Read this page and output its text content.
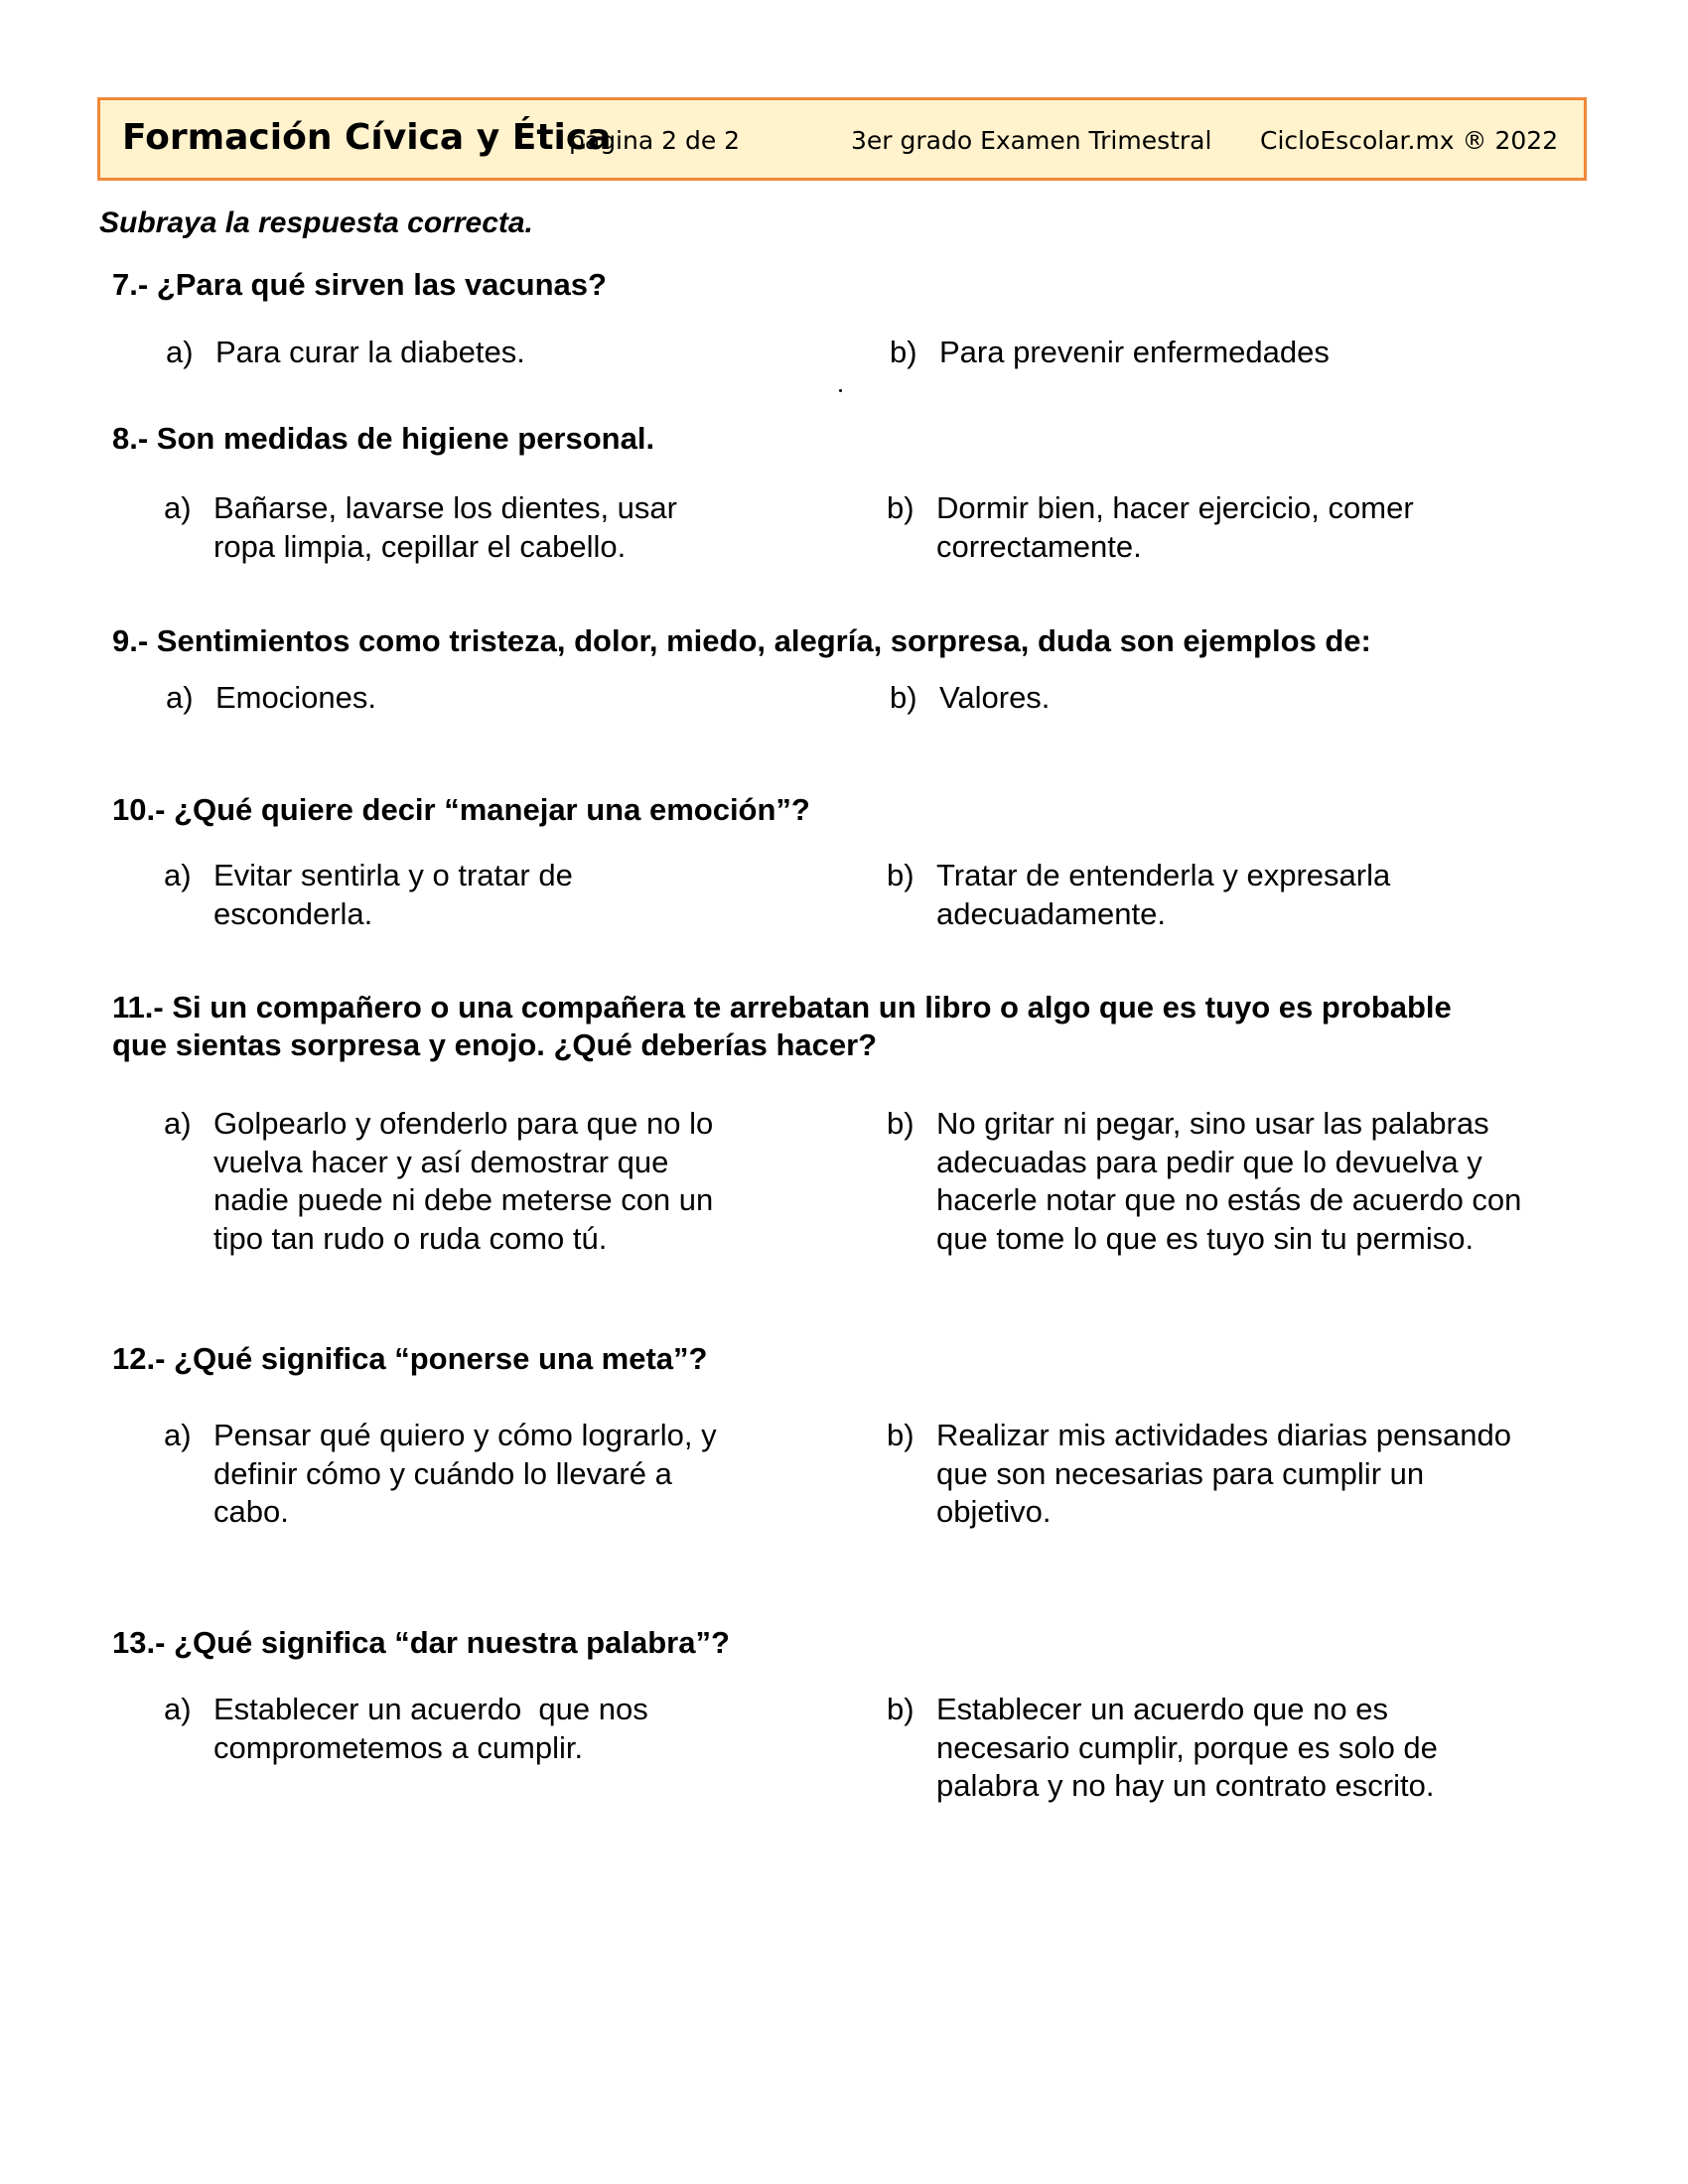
Formación Cívica y Ética
página 2 de 2	3er grado Examen Trimestral CicloEscolar.mx ® 2022
Subraya la respuesta correcta.
7.- ¿Para qué sirven las vacunas?
a) Para curar la diabetes.	b) Para prevenir enfermedades
8.- Son medidas de higiene personal.
a) Bañarse, lavarse los dientes, usar
ropa limpia, cepillar el cabello.
b) Dormir bien, hacer ejercicio, comer
correctamente.
9.- Sentimientos como tristeza, dolor, miedo, alegría, sorpresa, duda son ejemplos de:
a) Emociones.	b) Valores.
10.- ¿Qué quiere decir “manejar una emoción”?
a) Evitar sentirla y o tratar de
esconderla.
b) Tratar de entenderla y expresarla
adecuadamente.
11.- Si un compañero o una compañera te arrebatan un libro o algo que es tuyo es probable
que sientas sorpresa y enojo. ¿Qué deberías hacer?
a) Golpearlo y ofenderlo para que no lo
vuelva hacer y así demostrar que
nadie puede ni debe meterse con un
tipo tan rudo o ruda como tú.
b) No gritar ni pegar, sino usar las palabras
adecuadas para pedir que lo devuelva y
hacerle notar que no estás de acuerdo con
que tome lo que es tuyo sin tu permiso.
12.- ¿Qué significa “ponerse una meta”?
a) Pensar qué quiero y cómo lograrlo, y
definir cómo y cuándo lo llevaré a
cabo.
b) Realizar mis actividades diarias pensando
que son necesarias para cumplir un
objetivo.
13.- ¿Qué significa “dar nuestra palabra”?
a) Establecer un acuerdo  que nos
comprometemos a cumplir.
b) Establecer un acuerdo que no es
necesario cumplir, porque es solo de
palabra y no hay un contrato escrito.
